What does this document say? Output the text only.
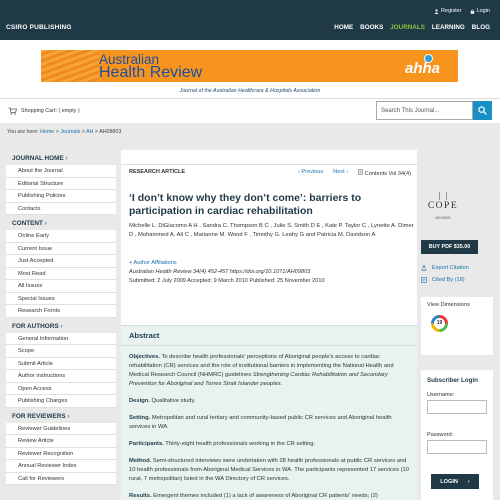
Register	Login
CSIRO PUBLISHING	HOME BOOKS JOURNALS LEARNING BLOG
Australian
Health Review	ahha
Journal of the Australian Healthcare & Hospitals Association
Shopping Cart: ( empty )	Search This Journal...
You are here: Home > Journals > AH > AH08803
JOURNAL HOME ›
About the Journal
Editorial Structure
Publishing Policies
Contacts
CONTENT ›
Online Early
Current Issue
Just Accepted
Most Read
All Issues
Special Issues
Research Fronts
FOR AUTHORS ›
General Information
Scope
Submit Article
Author instructions
Open Access
Publishing Charges
FOR REVIEWERS ›
Reviewer Guidelines
Review Article
Reviewer Recognition
Annual Reviewer Index
Call for Reviewers
RESEARCH ARTICLE	‹ Previous Next ›	Contents Vol 34(4)
‘I don’t know why they don’t come’: barriers to participation in cardiac rehabilitation
Michelle L. DiGiacomo A H , Sandra C. Thompson B C , Julie S. Smith D E , Kate P. Taylor C , Lynette A. Dimer D , Mohammed A. Ali C , Marianne M. Wood F , Timothy G. Leahy G and Patricia M. Davidson A
+ Author Affiliations
Australian Health Review 34(4) 452-457 https://doi.org/10.1071/AH09803
Submitted: 2 July 2009 Accepted: 9 March 2010 Published: 25 November 2010
Abstract

Objectives. To describe health professionals’ perceptions of Aboriginal people’s access to cardiac rehabilitation (CR) services and the role of institutional barriers in implementing the National Health and Medical Research Council (NHMRC) guidelines Strengthening Cardiac Rehabilitation and Secondary Prevention for Aboriginal and Torres Strait Islander peoples.

Design. Qualitative study.

Setting. Metropolitan and rural tertiary and community-based public CR services and Aboriginal health services in WA.

Participants. Thirty-eight health professionals working in the CR setting.

Method. Semi-structured interviews were undertaken with 28 health professionals at public CR services and 10 health professionals from Aboriginal Medical Services in WA. The participants represented 17 services (10 rural, 7 metropolitan) listed in the WA Directory of CR services.

Results. Emergent themes included (1) a lack of awareness of Aboriginal CR patients’ needs; (2)

COPE
MEMBER
BUY PDF $35.00
Export Citation
Cited By (18)
View Dimensions
19
Subscriber Login
Username:
Password:
LOGIN ›
